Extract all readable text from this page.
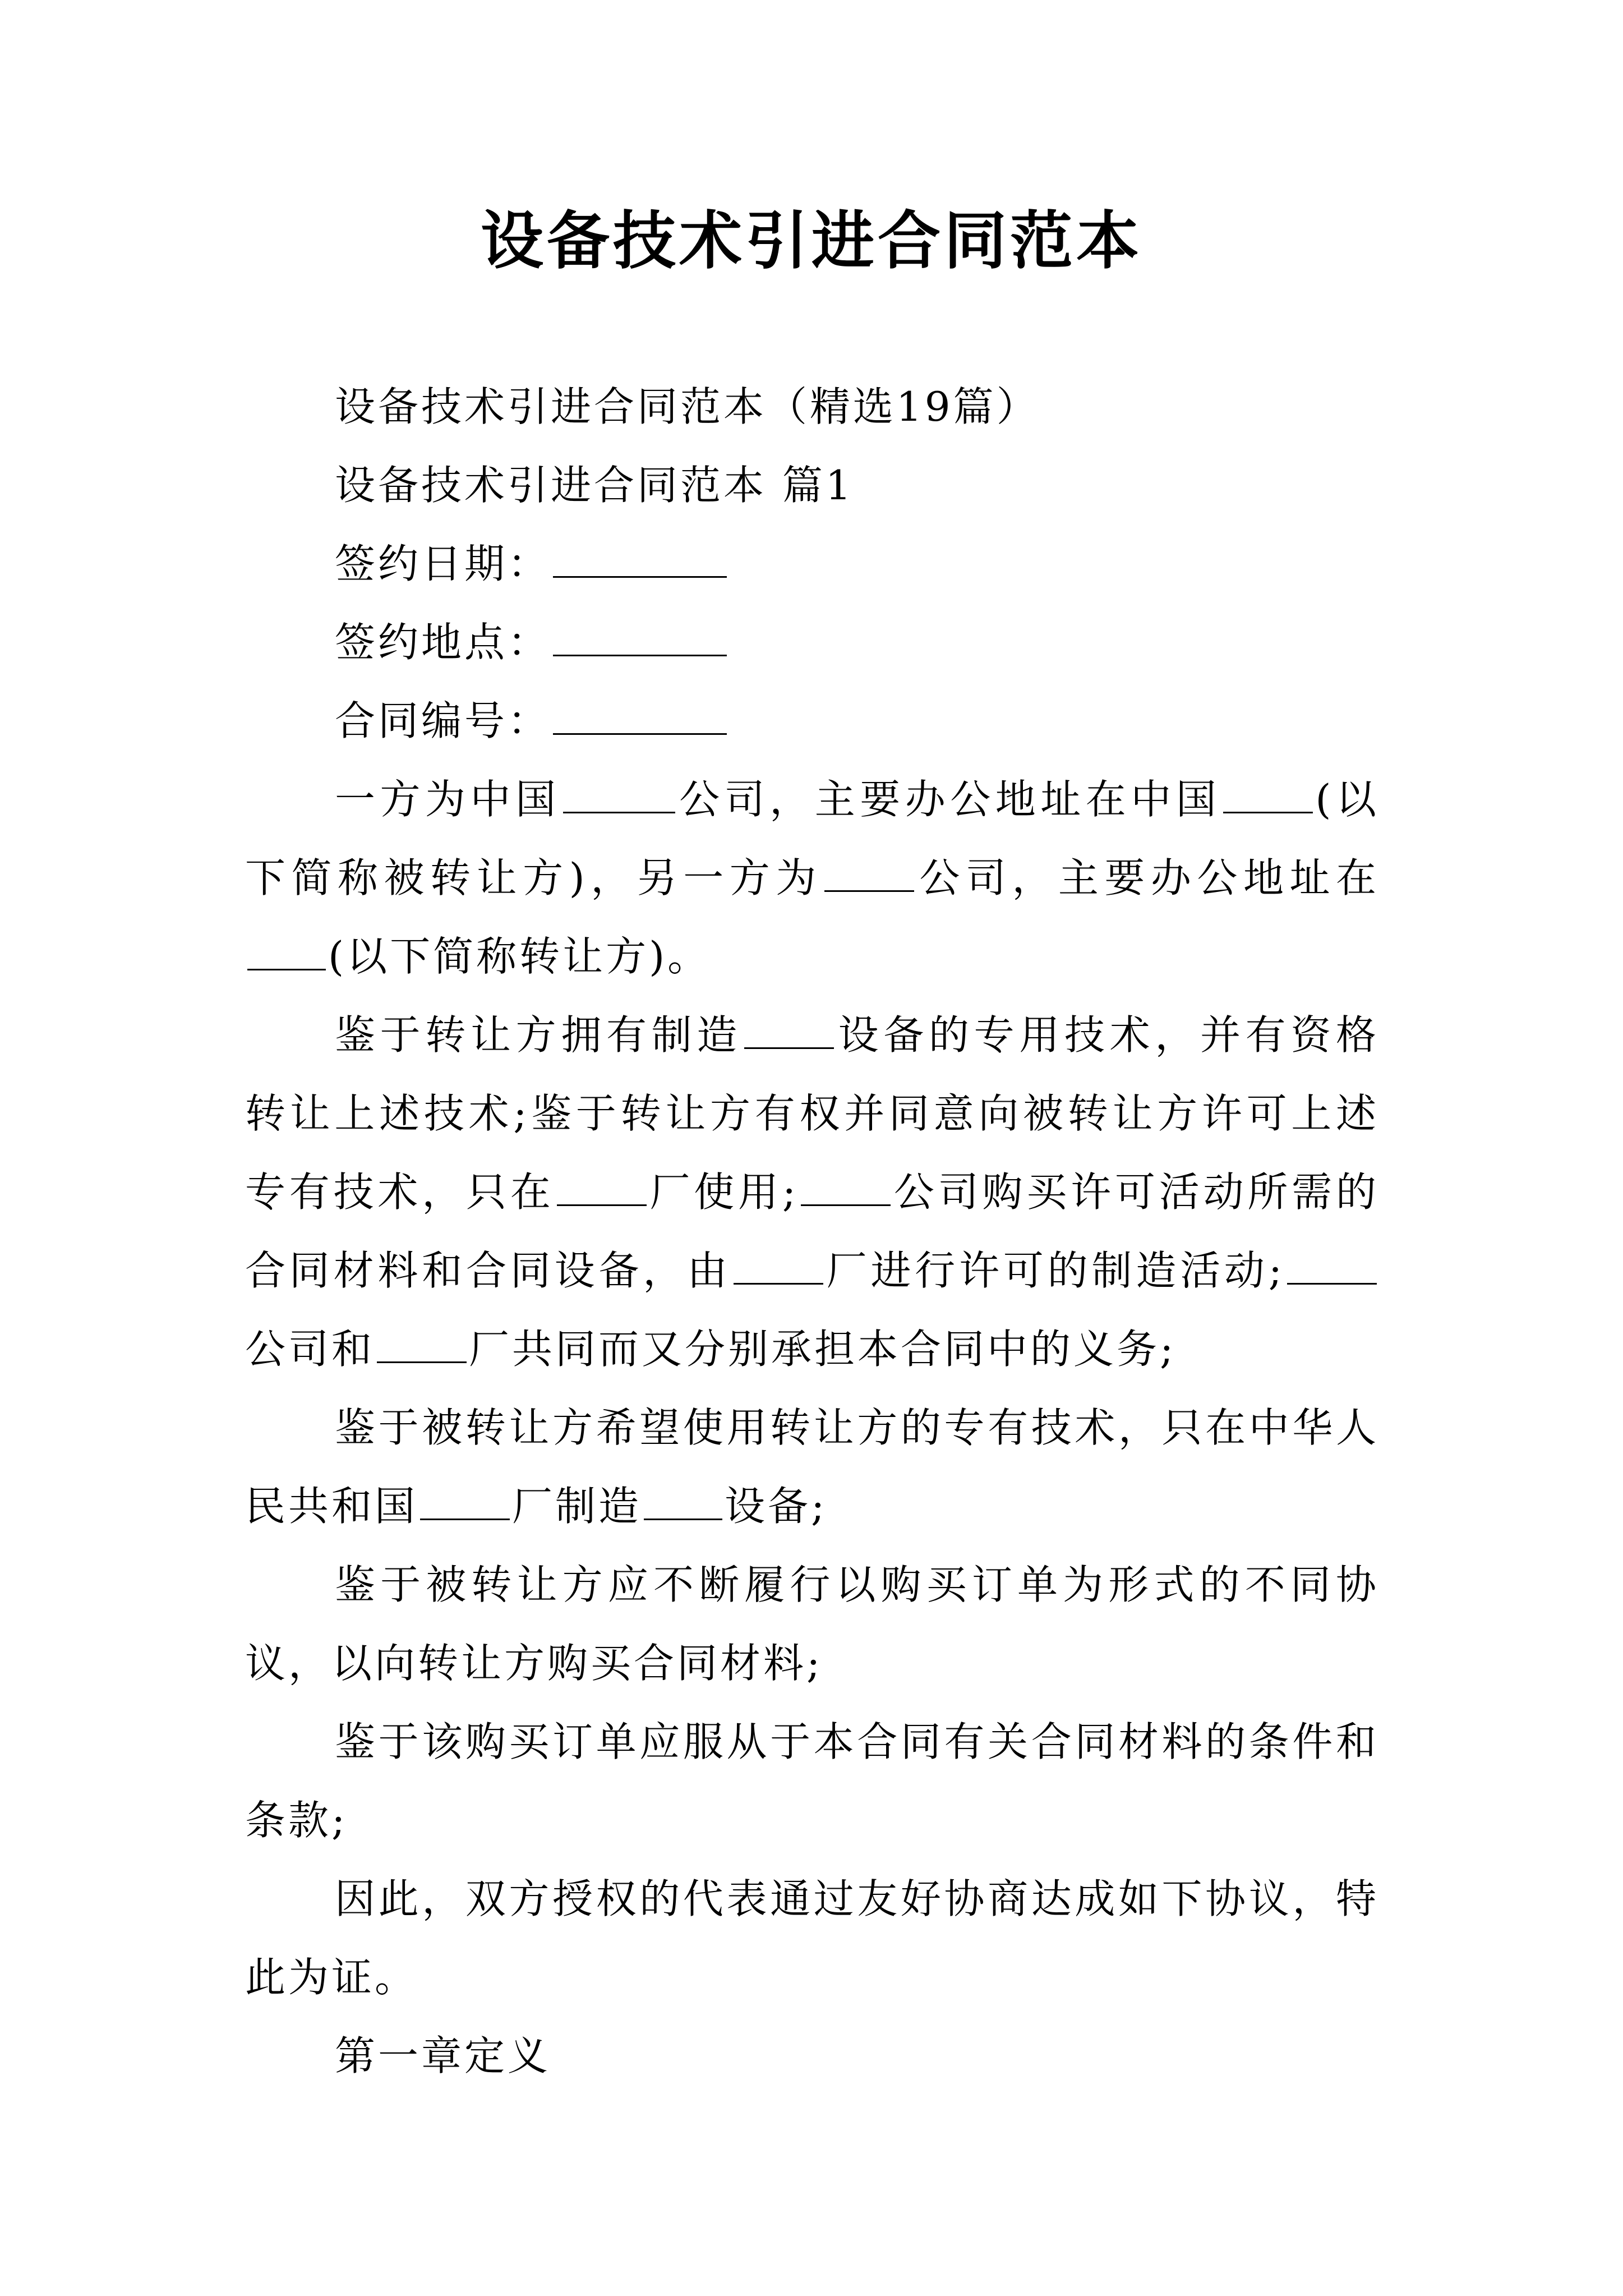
设备技术引进合同范本

设备技术引进合同范本（精选19篇）

设备技术引进合同范本 篇1

签约日期：

签约地点：

合同编号：

一方为中国	公司，主要办公地址在中国 (以下简称被转让方)，另一方为 公司，主要办公地址在(以下简称转让方)。

鉴于转让方拥有制造 设备的专用技术，并有资格转让上述技术;鉴于转让方有权并同意向被转让方许可上述专有技术，只在 厂使用; 公司购买许可活动所需的合同材料和合同设备，由 厂进行许可的制造活动;公司和 厂共同而又分别承担本合同中的义务;

鉴于被转让方希望使用转让方的专有技术，只在中华人民共和国 厂制造 设备;

鉴于被转让方应不断履行以购买订单为形式的不同协议，以向转让方购买合同材料;

鉴于该购买订单应服从于本合同有关合同材料的条件和条款;

因此，双方授权的代表通过友好协商达成如下协议，特此为证。

第一章定义
